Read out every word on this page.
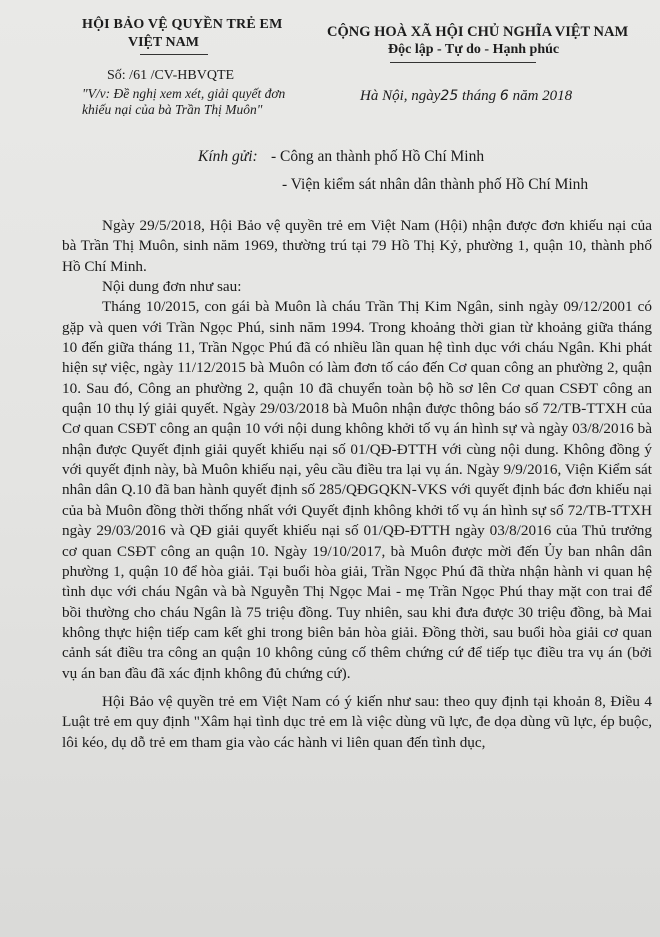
HỘI BẢO VỆ QUYỀN TRẺ EM
VIỆT NAM
CỘNG HOÀ XÃ HỘI CHỦ NGHĨA VIỆT NAM
Độc lập - Tự do - Hạnh phúc
Số: /61 /CV-HBVQTE
"V/v: Đề nghị xem xét, giải quyết đơn
khiếu nại của bà Trần Thị Muôn"
Hà Nội, ngày25 tháng 6 năm 2018
Kính gửi: - Công an thành phố Hồ Chí Minh
- Viện kiểm sát nhân dân thành phố Hồ Chí Minh

Ngày 29/5/2018, Hội Bảo vệ quyền trẻ em Việt Nam (Hội) nhận được đơn khiếu nại của bà Trần Thị Muôn, sinh năm 1969, thường trú tại 79 Hồ Thị Kỷ, phường 1, quận 10, thành phố Hồ Chí Minh.

Nội dung đơn như sau:

Tháng 10/2015, con gái bà Muôn là cháu Trần Thị Kim Ngân, sinh ngày 09/12/2001 có gặp và quen với Trần Ngọc Phú, sinh năm 1994. Trong khoảng thời gian từ khoảng giữa tháng 10 đến giữa tháng 11, Trần Ngọc Phú đã có nhiều lần quan hệ tình dục với cháu Ngân. Khi phát hiện sự việc, ngày 11/12/2015 bà Muôn có làm đơn tố cáo đến Cơ quan công an phường 2, quận 10. Sau đó, Công an phường 2, quận 10 đã chuyển toàn bộ hồ sơ lên Cơ quan CSĐT công an quận 10 thụ lý giải quyết. Ngày 29/03/2018 bà Muôn nhận được thông báo số 72/TB-TTXH của Cơ quan CSĐT công an quận 10 với nội dung không khởi tố vụ án hình sự và ngày 03/8/2016 bà nhận được Quyết định giải quyết khiếu nại số 01/QĐ-ĐTTH với cùng nội dung. Không đồng ý với quyết định này, bà Muôn khiếu nại, yêu cầu điều tra lại vụ án. Ngày 9/9/2016, Viện Kiểm sát nhân dân Q.10 đã ban hành quyết định số 285/QĐGQKN-VKS với quyết định bác đơn khiếu nại của bà Muôn đồng thời thống nhất với Quyết định không khởi tố vụ án hình sự số 72/TB-TTXH ngày 29/03/2016 và QĐ giải quyết khiếu nại số 01/QĐ-ĐTTH ngày 03/8/2016 của Thủ trưởng cơ quan CSĐT công an quận 10. Ngày 19/10/2017, bà Muôn được mời đến Ủy ban nhân dân phường 1, quận 10 để hòa giải. Tại buổi hòa giải, Trần Ngọc Phú đã thừa nhận hành vi quan hệ tình dục với cháu Ngân và bà Nguyễn Thị Ngọc Mai - mẹ Trần Ngọc Phú thay mặt con trai để bồi thường cho cháu Ngân là 75 triệu đồng. Tuy nhiên, sau khi đưa được 30 triệu đồng, bà Mai không thực hiện tiếp cam kết ghi trong biên bản hòa giải. Đồng thời, sau buổi hòa giải cơ quan cảnh sát điều tra công an quận 10 không củng cố thêm chứng cứ để tiếp tục điều tra vụ án (bởi vụ án ban đầu đã xác định không đủ chứng cứ).

Hội Bảo vệ quyền trẻ em Việt Nam có ý kiến như sau: theo quy định tại khoản 8, Điều 4 Luật trẻ em quy định "Xâm hại tình dục trẻ em là việc dùng vũ lực, đe dọa dùng vũ lực, ép buộc, lôi kéo, dụ dỗ trẻ em tham gia vào các hành vi liên quan đến tình dục,
